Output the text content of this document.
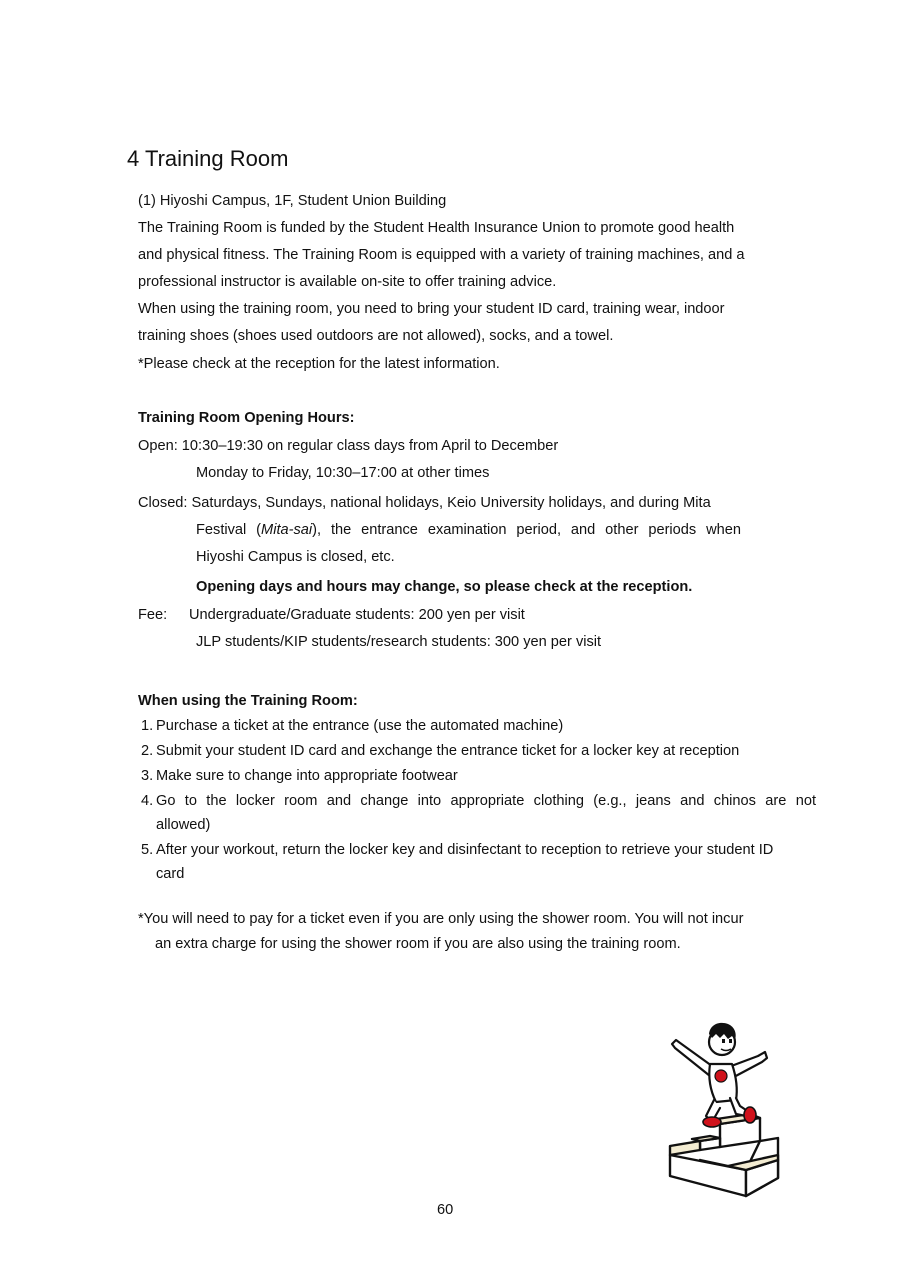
4 Training Room
(1) Hiyoshi Campus, 1F, Student Union Building
The Training Room is funded by the Student Health Insurance Union to promote good health
and physical fitness. The Training Room is equipped with a variety of training machines, and a
professional instructor is available on-site to offer training advice.
When using the training room, you need to bring your student ID card, training wear, indoor
training shoes (shoes used outdoors are not allowed), socks, and a towel.
*Please check at the reception for the latest information.
Training Room Opening Hours:
Open: 10:30–19:30 on regular class days from April to December
Monday to Friday, 10:30–17:00 at other times
Closed: Saturdays, Sundays, national holidays, Keio University holidays, and during Mita
Festival (Mita-sai), the entrance examination period, and other periods when
Hiyoshi Campus is closed, etc.
Opening days and hours may change, so please check at the reception.
Fee: Undergraduate/Graduate students: 200 yen per visit
JLP students/KIP students/research students: 300 yen per visit
When using the Training Room:
1. Purchase a ticket at the entrance (use the automated machine)
2. Submit your student ID card and exchange the entrance ticket for a locker key at reception
3. Make sure to change into appropriate footwear
4. Go to the locker room and change into appropriate clothing (e.g., jeans and chinos are not
allowed)
5. After your workout, return the locker key and disinfectant to reception to retrieve your student ID
card
*You will need to pay for a ticket even if you are only using the shower room. You will not incur
an extra charge for using the shower room if you are also using the training room.
60
